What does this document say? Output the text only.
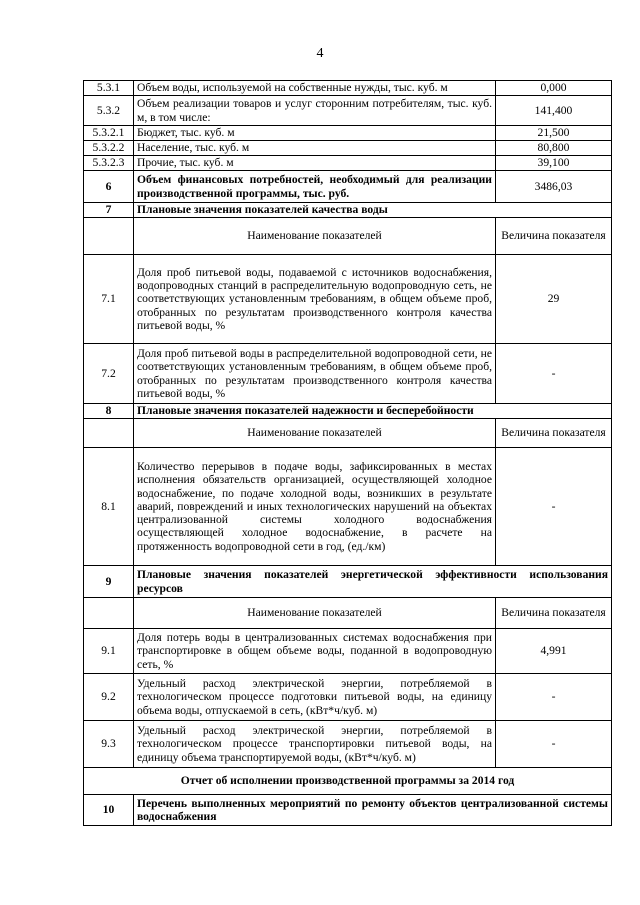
4
5.3.1	Объем воды, используемой на собственные нужды, тыс. куб. м	0,000
5.3.2	Объем реализации товаров и услуг сторонним потребителям, тыс. куб. м, в том числе:	141,400
5.3.2.1	Бюджет, тыс. куб. м	21,500
5.3.2.2	Население, тыс. куб. м	80,800
5.3.2.3	Прочие, тыс. куб. м	39,100
6	Объем финансовых потребностей, необходимый для реализации производственной программы, тыс. руб.	3486,03
7	Плановые значения показателей качества воды	
	Наименование показателей	Величина показателя
7.1	Доля проб питьевой воды, подаваемой с источников водоснабжения, водопроводных станций в распределительную водопроводную сеть, не соответствующих установленным требованиям, в общем объеме проб, отобранных по результатам производственного контроля качества питьевой воды, %	29
7.2	Доля проб питьевой воды в распределительной водопроводной сети, не соответствующих установленным требованиям, в общем объеме проб, отобранных по результатам производственного контроля качества питьевой воды, %	-
8	Плановые значения показателей надежности и бесперебойности	
	Наименование показателей	Величина показателя
8.1	Количество перерывов в подаче воды, зафиксированных в местах исполнения обязательств организацией, осуществляющей холодное водоснабжение, по подаче холодной воды, возникших в результате аварий, повреждений и иных технологических нарушений на объектах централизованной системы холодного водоснабжения осуществляющей холодное водоснабжение, в расчете на протяженность водопроводной сети в год, (ед./км)	-
9	Плановые значения показателей энергетической эффективности использования ресурсов	
	Наименование показателей	Величина показателя
9.1	Доля потерь воды в централизованных системах водоснабжения при транспортировке в общем объеме воды, поданной в водопроводную сеть, %	4,991
9.2	Удельный расход электрической энергии, потребляемой в технологическом процессе подготовки питьевой воды, на единицу объема воды, отпускаемой в сеть, (кВт*ч/куб. м)	-
9.3	Удельный расход электрической энергии, потребляемой в технологическом процессе транспортировки питьевой воды, на единицу объема транспортируемой воды, (кВт*ч/куб. м)	-
Отчет об исполнении производственной программы за 2014 год		
10	Перечень выполненных мероприятий по ремонту объектов централизованной системы водоснабжения	
